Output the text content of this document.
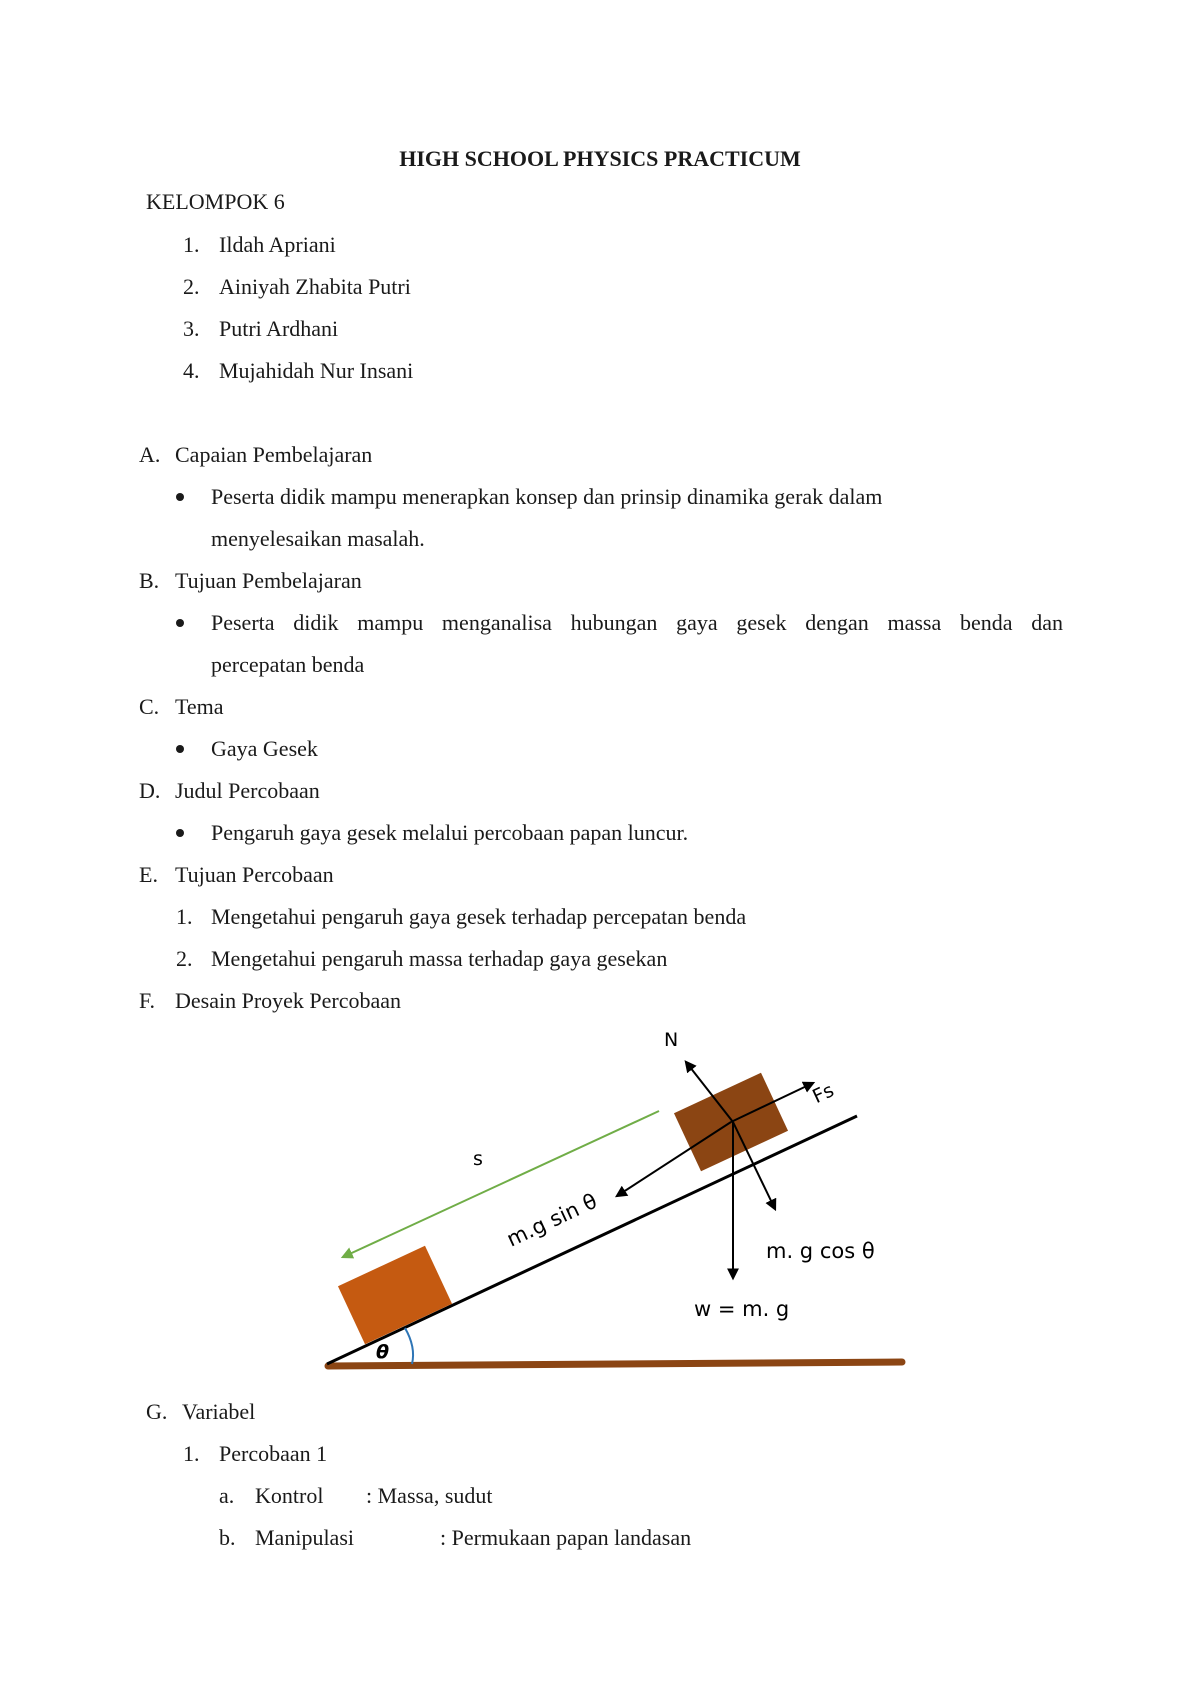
HIGH SCHOOL PHYSICS PRACTICUM
KELOMPOK 6
1. Ildah Apriani
2. Ainiyah Zhabita Putri
3. Putri Ardhani
4. Mujahidah Nur Insani
A. Capaian Pembelajaran
Peserta didik mampu menerapkan konsep dan prinsip dinamika gerak dalam
menyelesaikan masalah.
B. Tujuan Pembelajaran
Peserta didik mampu menganalisa hubungan gaya gesek dengan massa benda dan
percepatan benda
C. Tema
Gaya Gesek
D. Judul Percobaan
Pengaruh gaya gesek melalui percobaan papan luncur.
E. Tujuan Percobaan
1. Mengetahui pengaruh gaya gesek terhadap percepatan benda
2. Mengetahui pengaruh massa terhadap gaya gesekan
F. Desain Proyek Percobaan
θ
s
Fs
m.g sin θ
N
m. g cos θ
w = m. g
G. Variabel
1. Percobaan 1
a. Kontrol : Massa, sudut
b. Manipulasi	: Permukaan papan landasan
